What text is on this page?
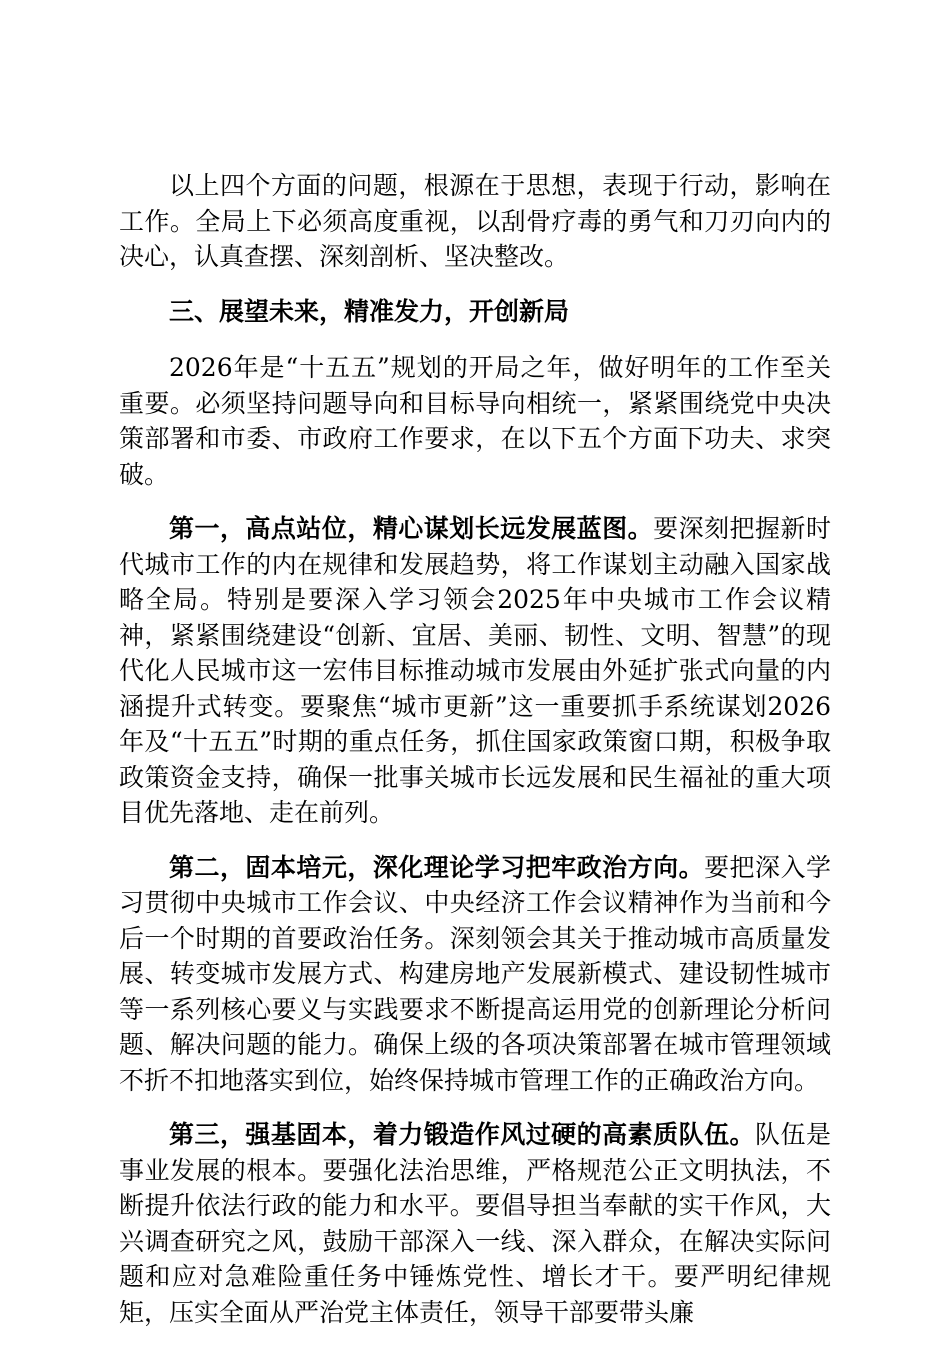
以上四个方面的问题，根源在于思想，表现于行动，影响在工作。全局上下必须高度重视，以刮骨疗毒的勇气和刀刃向内的决心，认真查摆、深刻剖析、坚决整改。

三、展望未来，精准发力，开创新局

2026年是“十五五”规划的开局之年，做好明年的工作至关重要。必须坚持问题导向和目标导向相统一，紧紧围绕党中央决策部署和市委、市政府工作要求，在以下五个方面下功夫、求突破。

第一，高点站位，精心谋划长远发展蓝图。要深刻把握新时代城市工作的内在规律和发展趋势，将工作谋划主动融入国家战略全局。特别是要深入学习领会2025年中央城市工作会议精神，紧紧围绕建设“创新、宜居、美丽、韧性、文明、智慧”的现代化人民城市这一宏伟目标推动城市发展由外延扩张式向量的内涵提升式转变。要聚焦“城市更新”这一重要抓手系统谋划2026年及“十五五”时期的重点任务，抓住国家政策窗口期，积极争取政策资金支持，确保一批事关城市长远发展和民生福祉的重大项目优先落地、走在前列。

第二，固本培元，深化理论学习把牢政治方向。要把深入学习贯彻中央城市工作会议、中央经济工作会议精神作为当前和今后一个时期的首要政治任务。深刻领会其关于推动城市高质量发展、转变城市发展方式、构建房地产发展新模式、建设韧性城市等一系列核心要义与实践要求不断提高运用党的创新理论分析问题、解决问题的能力。确保上级的各项决策部署在城市管理领域不折不扣地落实到位，始终保持城市管理工作的正确政治方向。

第三，强基固本，着力锻造作风过硬的高素质队伍。队伍是事业发展的根本。要强化法治思维，严格规范公正文明执法，不断提升依法行政的能力和水平。要倡导担当奉献的实干作风，大兴调查研究之风，鼓励干部深入一线、深入群众，在解决实际问题和应对急难险重任务中锤炼党性、增长才干。要严明纪律规矩，压实全面从严治党主体责任，领导干部要带头廉
